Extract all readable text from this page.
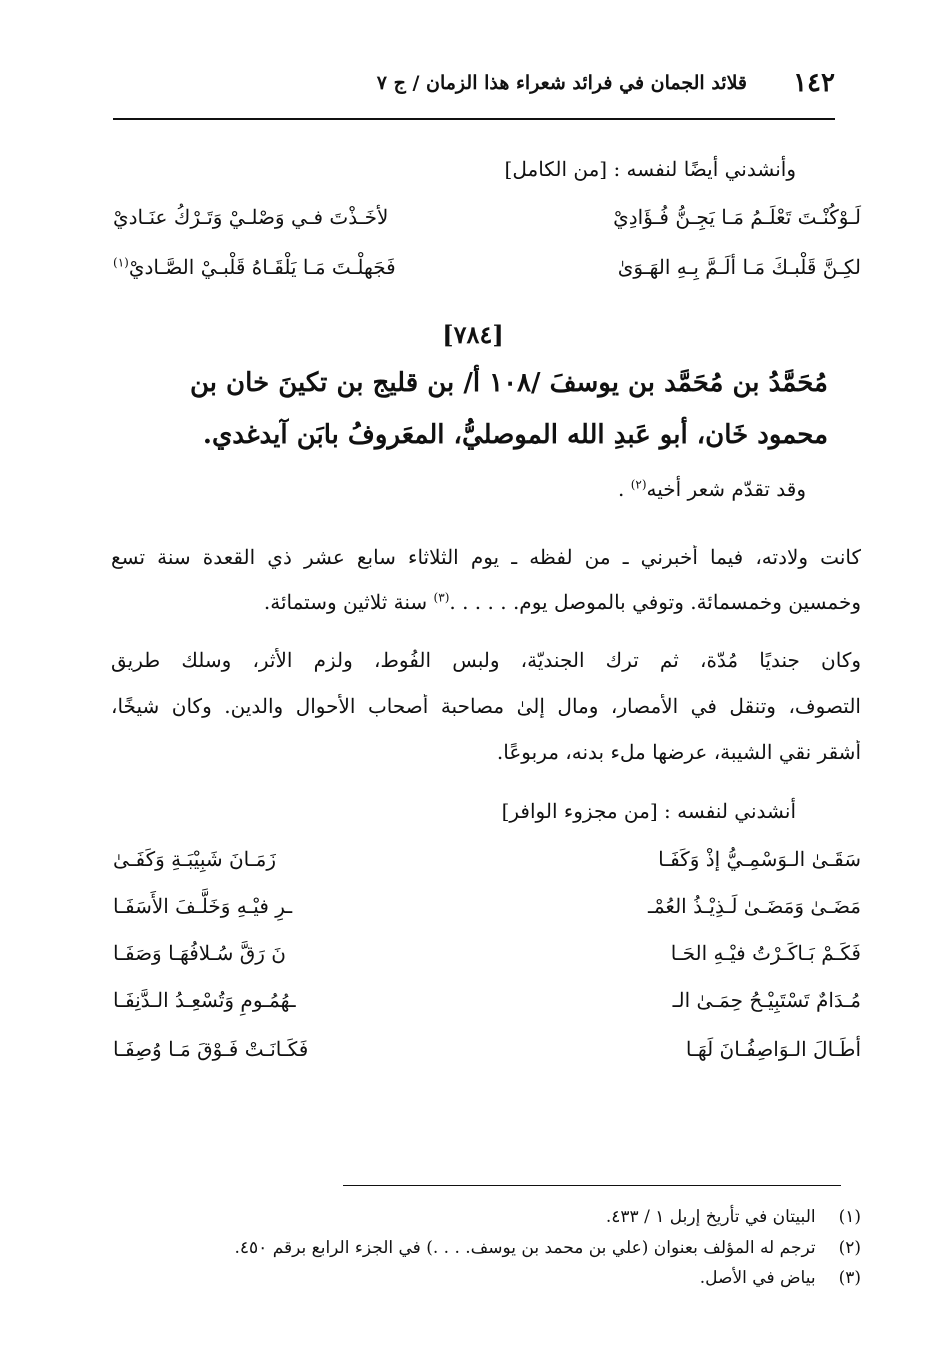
١٤٢
قلائد الجمان في فرائد شعراء هذا الزمان / ج ٧
وأنشدني أيضًا لنفسه : [من الكامل]
لَـوْكُنْـتَ تَعْلَـمُ مَـا يَجِـنُّ فُـؤَادِيْ
لأخَـذْتَ فـي وَصْلـيْ وَتَـرْكُ عنَـاديْ
لكِـنَّ قَلْبـكَ مَـا ألَـمَّ بِـهِ الهَـوَىٰ
فَجَهلْـتَ مَـا يَلْقَـاهُ قَلْبـيْ الصَّـاديْ$^{(١)}$
[٧٨٤]
مُحَمَّدُ بن مُحَمَّد بن يوسفَ /١٠٨ أ/ بن قليج بن تكينَ خان بن
محمود خَان، أبو عَبدِ الله الموصليُّ، المعَروفُ بابَن آيدغدي.
وقد تقدّم شعر أخيه$^{(٢)}$ .
كانت ولادته، فيما أخبرني ـ من لفظه ـ يوم الثلاثاء سابع عشر ذي القعدة سنة تسع
وخمسين وخمسمائة. وتوفي بالموصل يوم. . . . . .$^{(٣)}$ سنة ثلاثين وستمائة.
وكان جنديًا مُدّة، ثم ترك الجنديّة، ولبس الفُوط، ولزم الأثر، وسلك طريق
التصوف، وتنقل في الأمصار، ومال إلىٰ مصاحبة أصحاب الأحوال والدين. وكان شيخًا،
أشقر نقي الشيبة، عرضها ملء بدنه، مربوعًا.
أنشدني لنفسه : [من مجزوء الوافر]
سَقَـىٰ الـوَسْمِـيُّ إذْ وَكَفَـا
زَمَـانَ شَبِيْبَـةِ وَكَفَـىٰ
مَضَـىٰ وَمَضَـىٰ لَـذِيْـذُ العُمْـ
ـرِ فيْـهِ وَخَلَّـفَ الأَسَفَـا
فَكَـمْ بَـاكَـرْتُ فيْـهِ الحَـا
نَ رَقَّ سُـلافُهَـا وَصَفَـا
مُـدَامٌ تَسْتَبِيْـحُ حِمَـىٰ الـ
ـهُمُـومِ وَتُسْعِـدُ الـدَّنِفَـا
أطَـالَ الـوَاصِفُـانَ لَهَـا
فَكَـانَـتْ فَـوْقَ مَـا وُصِفَـا
(١) البيتان في تأريخ إربل ١ / ٤٣٣.
(٢) ترجم له المؤلف بعنوان (علي بن محمد بن يوسف. . . .) في الجزء الرابع برقم ٤٥٠.
(٣) بياض في الأصل.
